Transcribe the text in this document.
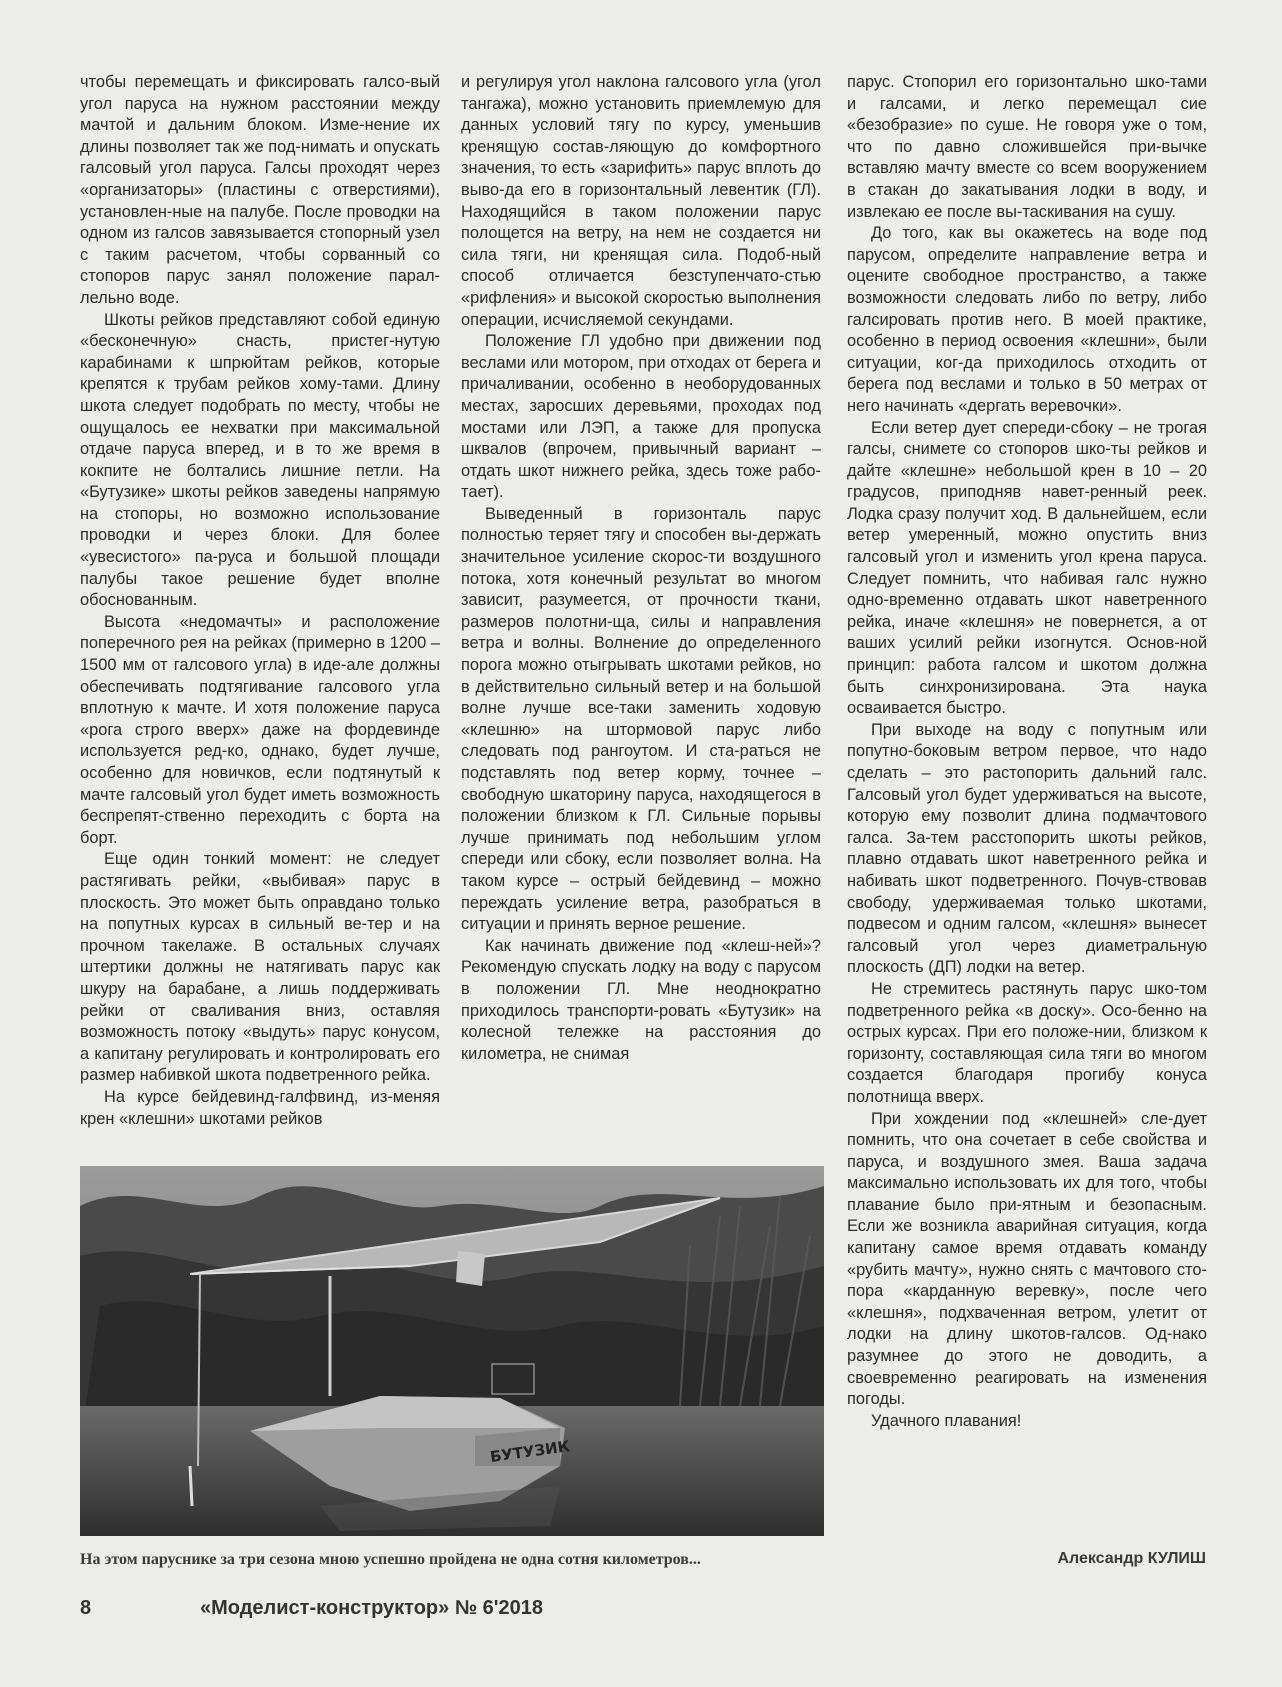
чтобы перемещать и фиксировать галсо-вый угол паруса на нужном расстоянии между мачтой и дальним блоком. Изме-нение их длины позволяет так же под-нимать и опускать галсовый угол паруса. Галсы проходят через «организаторы» (пластины с отверстиями), установлен-ные на палубе. После проводки на одном из галсов завязывается стопорный узел с таким расчетом, чтобы сорванный со стопоров парус занял положение парал-лельно воде.

Шкоты рейков представляют собой единую «бесконечную» снасть, пристег-нутую карабинами к шпрюйтам рейков, которые крепятся к трубам рейков хому-тами. Длину шкота следует подобрать по месту, чтобы не ощущалось ее нехватки при максимальной отдаче паруса вперед, и в то же время в кокпите не болтались лишние петли. На «Бутузике» шкоты рейков заведены напрямую на стопоры, но возможно использование проводки и через блоки. Для более «увесистого» па-руса и большой площади палубы такое решение будет вполне обоснованным.

Высота «недомачты» и расположение поперечного рея на рейках (примерно в 1200 – 1500 мм от галсового угла) в иде-але должны обеспечивать подтягивание галсового угла вплотную к мачте. И хотя положение паруса «рога строго вверх» даже на фордевинде используется ред-ко, однако, будет лучше, особенно для новичков, если подтянутый к мачте галсовый угол будет иметь возможность беспрепят-ственно переходить с борта на борт.

Еще один тонкий момент: не следует растягивать рейки, «выбивая» парус в плоскость. Это может быть оправдано только на попутных курсах в сильный ве-тер и на прочном такелаже. В остальных случаях штертики должны не натягивать парус как шкуру на барабане, а лишь поддерживать рейки от сваливания вниз, оставляя возможность потоку «выдуть» парус конусом, а капитану регулировать и контролировать его размер набивкой шкота подветренного рейка.

На курсе бейдевинд-галфвинд, из-меняя крен «клешни» шкотами рейков

и регулируя угол наклона галсового угла (угол тангажа), можно установить приемлемую для данных условий тягу по курсу, уменьшив кренящую состав-ляющую до комфортного значения, то есть «зарифить» парус вплоть до выво-да его в горизонтальный левентик (ГЛ). Находящийся в таком положении парус полощется на ветру, на нем не создается ни сила тяги, ни кренящая сила. Подоб-ный способ отличается безступенчато-стью «рифления» и высокой скоростью выполнения операции, исчисляемой секундами.

Положение ГЛ удобно при движении под веслами или мотором, при отходах от берега и причаливании, особенно в необорудованных местах, заросших деревьями, проходах под мостами или ЛЭП, а также для пропуска шквалов (впрочем, привычный вариант – отдать шкот нижнего рейка, здесь тоже рабо-тает).

Выведенный в горизонталь парус полностью теряет тягу и способен вы-держать значительное усиление скорос-ти воздушного потока, хотя конечный результат во многом зависит, разумеется, от прочности ткани, размеров полотни-ща, силы и направления ветра и волны. Волнение до определенного порога можно отыгрывать шкотами рейков, но в действительно сильный ветер и на большой волне лучше все-таки заменить ходовую «клешню» на штормовой парус либо следовать под рангоутом. И ста-раться не подставлять под ветер корму, точнее – свободную шкаторину паруса, находящегося в положении близком к ГЛ. Сильные порывы лучше принимать под небольшим углом спереди или сбоку, если позволяет волна. На таком курсе – острый бейдевинд – можно переждать усиление ветра, разобраться в ситуации и принять верное решение.

Как начинать движение под «клеш-ней»? Рекомендую спускать лодку на воду с парусом в положении ГЛ. Мне неоднократно приходилось транспорти-ровать «Бутузик» на колесной тележке на расстояния до километра, не снимая

парус. Стопорил его горизонтально шко-тами и галсами, и легко перемещал сие «безобразие» по суше. Не говоря уже о том, что по давно сложившейся при-вычке вставляю мачту вместе со всем вооружением в стакан до закатывания лодки в воду, и извлекаю ее после вы-таскивания на сушу.

До того, как вы окажетесь на воде под парусом, определите направление ветра и оцените свободное пространство, а также возможности следовать либо по ветру, либо галсировать против него. В моей практике, особенно в период освоения «клешни», были ситуации, ког-да приходилось отходить от берега под веслами и только в 50 метрах от него начинать «дергать веревочки».

Если ветер дует спереди-сбоку – не трогая галсы, снимете со стопоров шко-ты рейков и дайте «клешне» небольшой крен в 10 – 20 градусов, приподняв навет-ренный реек. Лодка сразу получит ход. В дальнейшем, если ветер умеренный, можно опустить вниз галсовый угол и изменить угол крена паруса. Следует помнить, что набивая галс нужно одно-временно отдавать шкот наветренного рейка, иначе «клешня» не повернется, а от ваших усилий рейки изогнутся. Основ-ной принцип: работа галсом и шкотом должна быть синхронизирована. Эта наука осваивается быстро.

При выходе на воду с попутным или попутно-боковым ветром первое, что надо сделать – это растопорить дальний галс. Галсовый угол будет удерживаться на высоте, которую ему позволит длина подмачтового галса. За-тем расстопорить шкоты рейков, плавно отдавать шкот наветренного рейка и набивать шкот подветренного. Почув-ствовав свободу, удерживаемая только шкотами, подвесом и одним галсом, «клешня» вынесет галсовый угол через диаметральную плоскость (ДП) лодки на ветер.

Не стремитесь растянуть парус шко-том подветренного рейка «в доску». Осо-бенно на острых курсах. При его положе-нии, близком к горизонту, составляющая сила тяги во многом создается благодаря прогибу конуса полотнища вверх.

При хождении под «клешней» сле-дует помнить, что она сочетает в себе свойства и паруса, и воздушного змея. Ваша задача максимально использовать их для того, чтобы плавание было при-ятным и безопасным. Если же возникла аварийная ситуация, когда капитану самое время отдавать команду «рубить мачту», нужно снять с мачтового сто-пора «карданную веревку», после чего «клешня», подхваченная ветром, улетит от лодки на длину шкотов-галсов. Од-нако разумнее до этого не доводить, а своевременно реагировать на изменения погоды.

Удачного плавания!

БУТУЗИК
На этом паруснике за три сезона мною успешно пройдена не одна сотня километров...	Александр КУЛИШ
8	«Моделист-конструктор» № 6'2018
